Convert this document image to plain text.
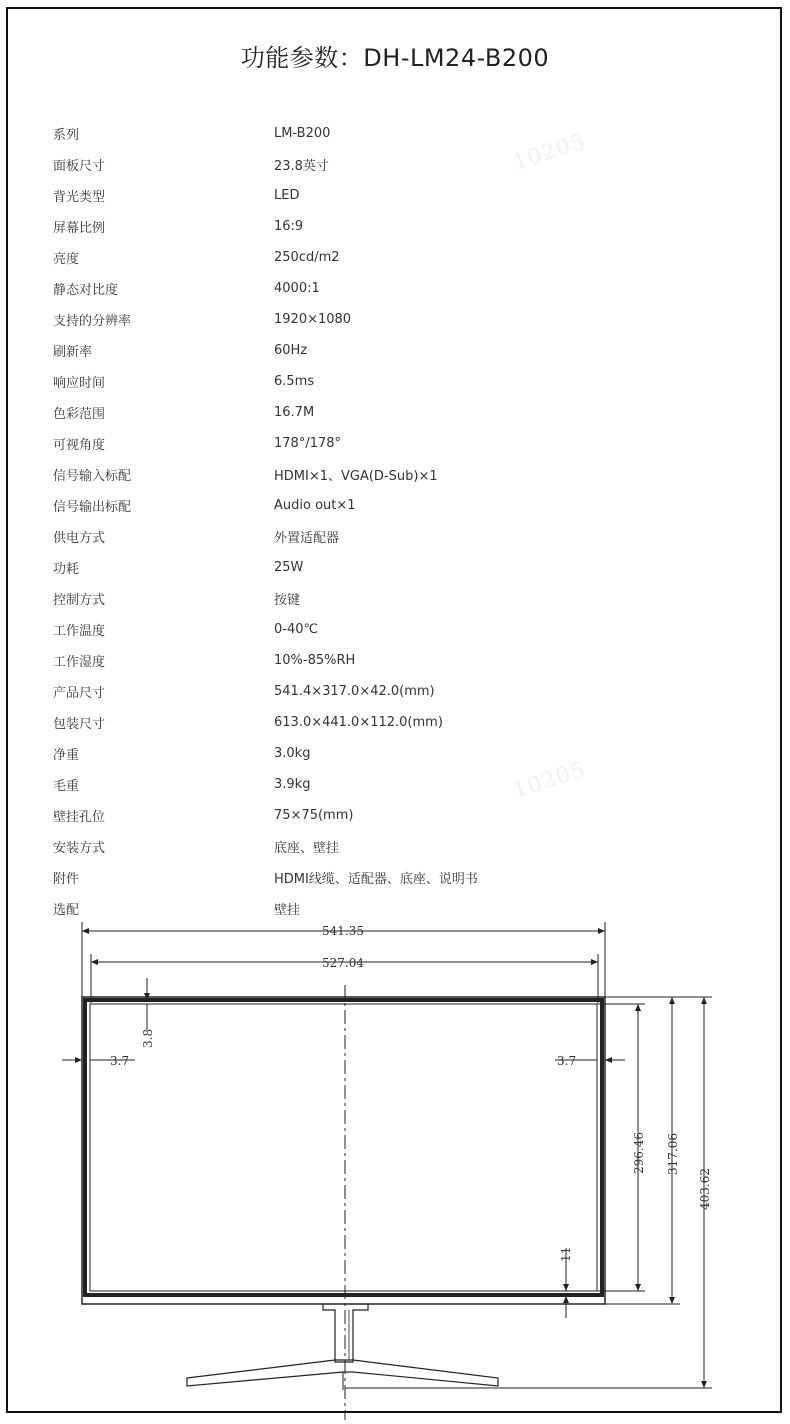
功能参数：DH-LM24-B200
10205
10205
系列	LM-B200
面板尺寸	23.8英寸
背光类型	LED
屏幕比例	16:9
亮度	250cd/m2
静态对比度	4000:1
支持的分辨率	1920×1080
刷新率	60Hz
响应时间	6.5ms
色彩范围	16.7M
可视角度	178°/178°
信号输入标配	HDMI×1、VGA(D-Sub)×1
信号输出标配	Audio out×1
供电方式	外置适配器
功耗	25W
控制方式	按键
工作温度	0-40℃
工作湿度	10%-85%RH
产品尺寸	541.4×317.0×42.0(mm)
包装尺寸	613.0×441.0×112.0(mm)
净重	3.0kg
毛重	3.9kg
壁挂孔位	75×75(mm)
安装方式	底座、壁挂
附件	HDMI线缆、适配器、底座、说明书
选配	壁挂
541.35
527.04
3.8
3.7	3.7
296.46 317.06
403.62
11
